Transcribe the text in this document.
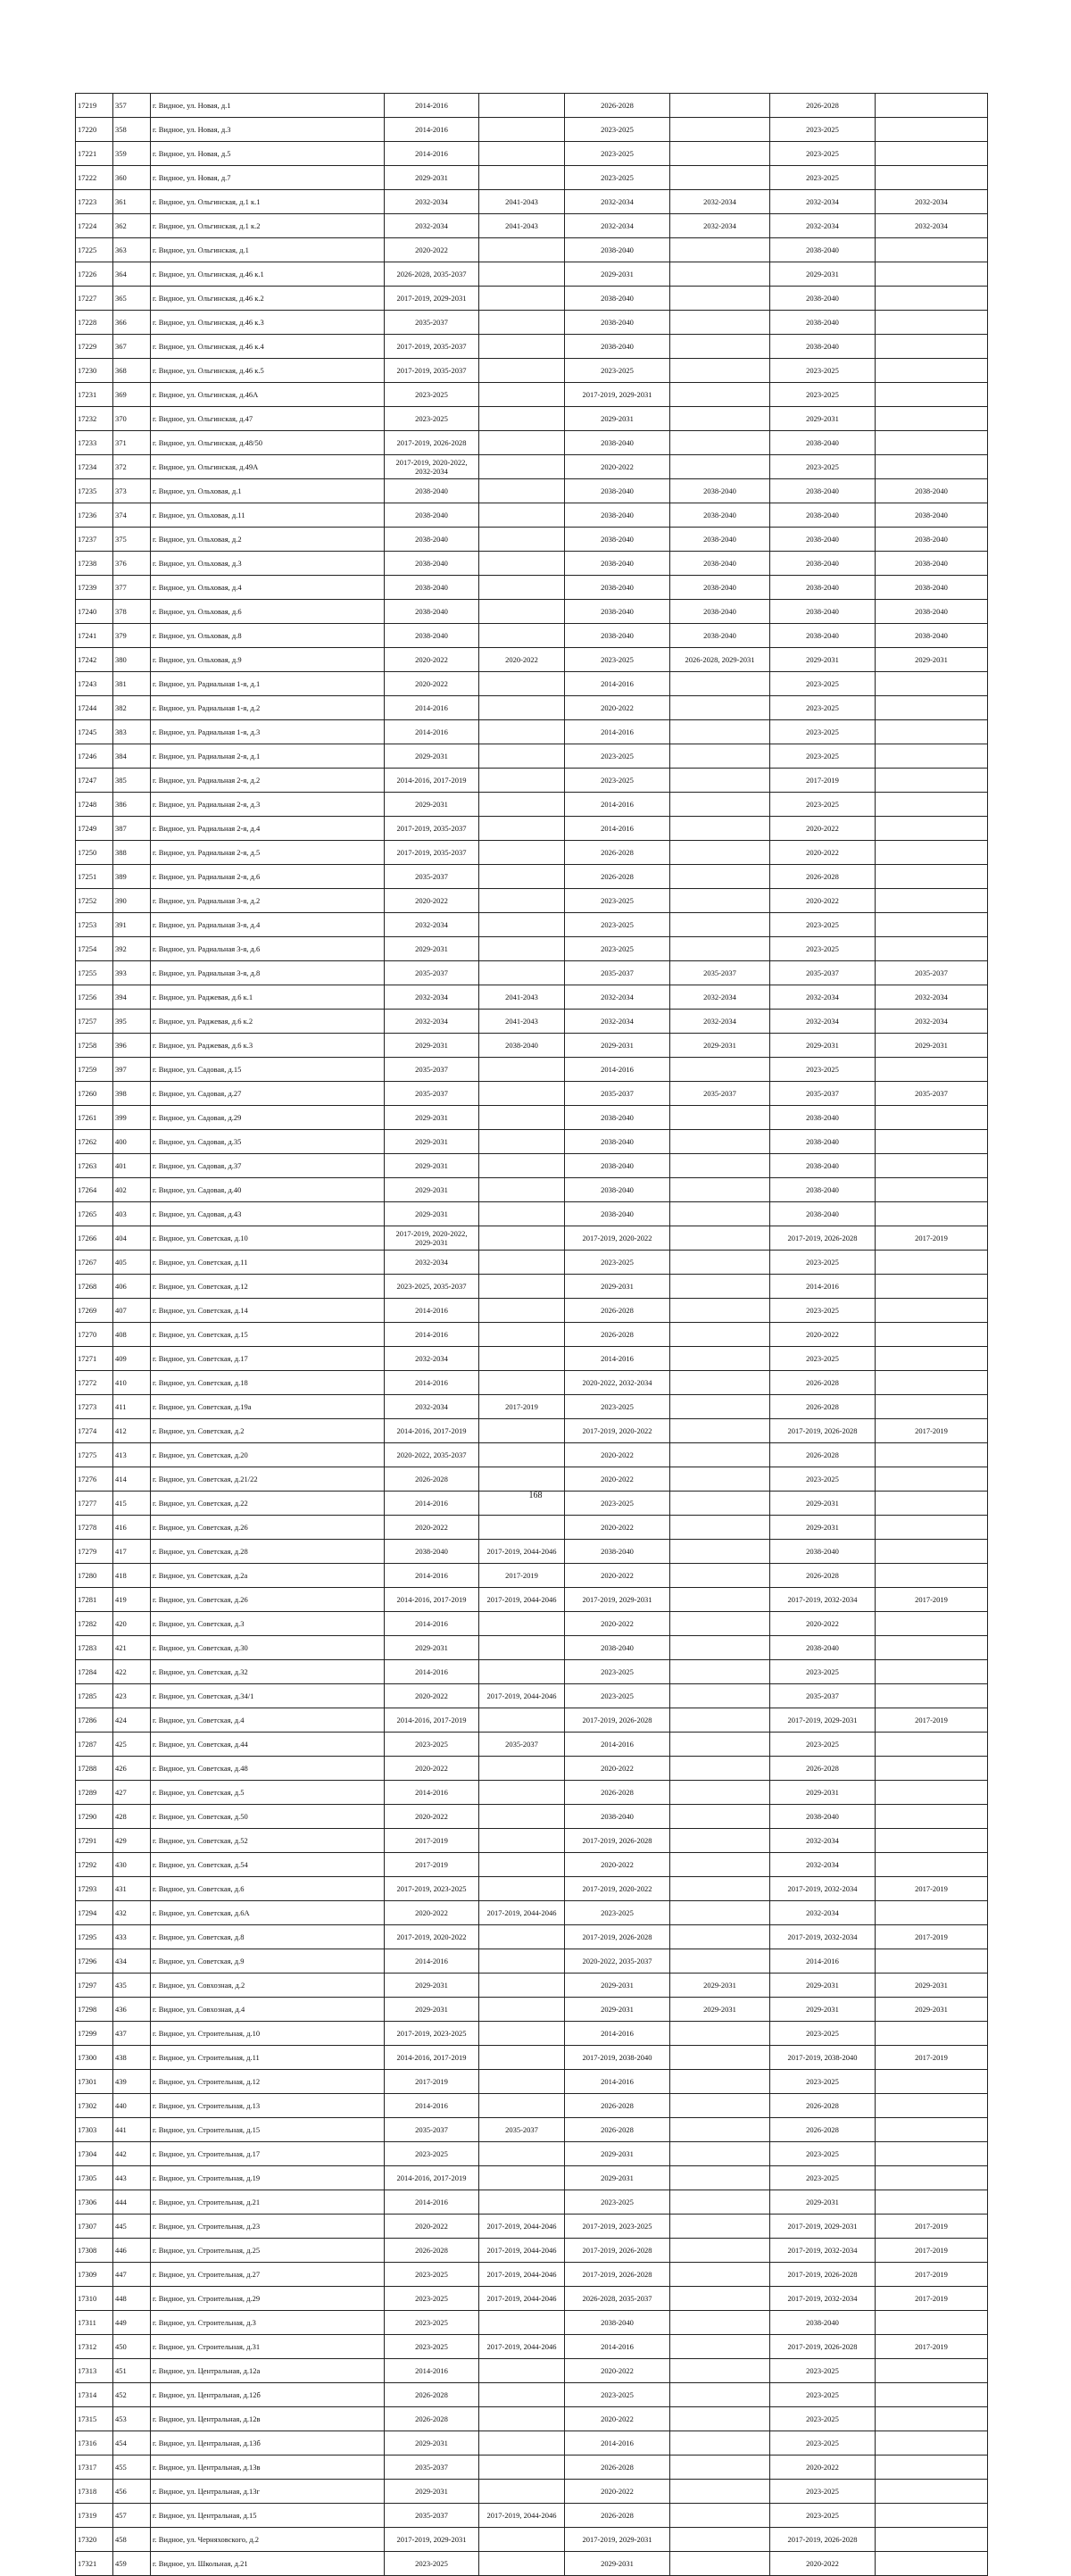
17219	357	г. Видное, ул. Новая, д.1	2014-2016		2026-2028		2026-2028	
17220	358	г. Видное, ул. Новая, д.3	2014-2016		2023-2025		2023-2025	
17221	359	г. Видное, ул. Новая, д.5	2014-2016		2023-2025		2023-2025	
17222	360	г. Видное, ул. Новая, д.7	2029-2031		2023-2025		2023-2025	
17223	361	г. Видное, ул. Ольгинская, д.1 к.1	2032-2034	2041-2043	2032-2034	2032-2034	2032-2034	2032-2034
17224	362	г. Видное, ул. Ольгинская, д.1 к.2	2032-2034	2041-2043	2032-2034	2032-2034	2032-2034	2032-2034
17225	363	г. Видное, ул. Ольгинская, д.1	2020-2022		2038-2040		2038-2040	
17226	364	г. Видное, ул. Ольгинская, д.46 к.1	2026-2028, 2035-2037		2029-2031		2029-2031	
17227	365	г. Видное, ул. Ольгинская, д.46 к.2	2017-2019, 2029-2031		2038-2040		2038-2040	
17228	366	г. Видное, ул. Ольгинская, д.46 к.3	2035-2037		2038-2040		2038-2040	
17229	367	г. Видное, ул. Ольгинская, д.46 к.4	2017-2019, 2035-2037		2038-2040		2038-2040	
17230	368	г. Видное, ул. Ольгинская, д.46 к.5	2017-2019, 2035-2037		2023-2025		2023-2025	
17231	369	г. Видное, ул. Ольгинская, д.46А	2023-2025		2017-2019, 2029-2031		2023-2025	
17232	370	г. Видное, ул. Ольгинская, д.47	2023-2025		2029-2031		2029-2031	
17233	371	г. Видное, ул. Ольгинская, д.48/50	2017-2019, 2026-2028		2038-2040		2038-2040	
17234	372	г. Видное, ул. Ольгинская, д.49А	2017-2019, 2020-2022, 2032-2034		2020-2022		2023-2025	
17235	373	г. Видное, ул. Ольховая, д.1	2038-2040		2038-2040	2038-2040	2038-2040	2038-2040
17236	374	г. Видное, ул. Ольховая, д.11	2038-2040		2038-2040	2038-2040	2038-2040	2038-2040
17237	375	г. Видное, ул. Ольховая, д.2	2038-2040		2038-2040	2038-2040	2038-2040	2038-2040
17238	376	г. Видное, ул. Ольховая, д.3	2038-2040		2038-2040	2038-2040	2038-2040	2038-2040
17239	377	г. Видное, ул. Ольховая, д.4	2038-2040		2038-2040	2038-2040	2038-2040	2038-2040
17240	378	г. Видное, ул. Ольховая, д.6	2038-2040		2038-2040	2038-2040	2038-2040	2038-2040
17241	379	г. Видное, ул. Ольховая, д.8	2038-2040		2038-2040	2038-2040	2038-2040	2038-2040
17242	380	г. Видное, ул. Ольховая, д.9	2020-2022	2020-2022	2023-2025	2026-2028, 2029-2031	2029-2031	2029-2031
17243	381	г. Видное, ул. Радиальная 1-я, д.1	2020-2022		2014-2016		2023-2025	
17244	382	г. Видное, ул. Радиальная 1-я, д.2	2014-2016		2020-2022		2023-2025	
17245	383	г. Видное, ул. Радиальная 1-я, д.3	2014-2016		2014-2016		2023-2025	
17246	384	г. Видное, ул. Радиальная 2-я, д.1	2029-2031		2023-2025		2023-2025	
17247	385	г. Видное, ул. Радиальная 2-я, д.2	2014-2016, 2017-2019		2023-2025		2017-2019	
17248	386	г. Видное, ул. Радиальная 2-я, д.3	2029-2031		2014-2016		2023-2025	
17249	387	г. Видное, ул. Радиальная 2-я, д.4	2017-2019, 2035-2037		2014-2016		2020-2022	
17250	388	г. Видное, ул. Радиальная 2-я, д.5	2017-2019, 2035-2037		2026-2028		2020-2022	
17251	389	г. Видное, ул. Радиальная 2-я, д.6	2035-2037		2026-2028		2026-2028	
17252	390	г. Видное, ул. Радиальная 3-я, д.2	2020-2022		2023-2025		2020-2022	
17253	391	г. Видное, ул. Радиальная 3-я, д.4	2032-2034		2023-2025		2023-2025	
17254	392	г. Видное, ул. Радиальная 3-я, д.6	2029-2031		2023-2025		2023-2025	
17255	393	г. Видное, ул. Радиальная 3-я, д.8	2035-2037		2035-2037	2035-2037	2035-2037	2035-2037
17256	394	г. Видное, ул. Раджевая, д.6 к.1	2032-2034	2041-2043	2032-2034	2032-2034	2032-2034	2032-2034
17257	395	г. Видное, ул. Раджевая, д.6 к.2	2032-2034	2041-2043	2032-2034	2032-2034	2032-2034	2032-2034
17258	396	г. Видное, ул. Раджевая, д.6 к.3	2029-2031	2038-2040	2029-2031	2029-2031	2029-2031	2029-2031
17259	397	г. Видное, ул. Садовая, д.15	2035-2037		2014-2016		2023-2025	
17260	398	г. Видное, ул. Садовая, д.27	2035-2037		2035-2037	2035-2037	2035-2037	2035-2037
17261	399	г. Видное, ул. Садовая, д.29	2029-2031		2038-2040		2038-2040	
17262	400	г. Видное, ул. Садовая, д.35	2029-2031		2038-2040		2038-2040	
17263	401	г. Видное, ул. Садовая, д.37	2029-2031		2038-2040		2038-2040	
17264	402	г. Видное, ул. Садовая, д.40	2029-2031		2038-2040		2038-2040	
17265	403	г. Видное, ул. Садовая, д.43	2029-2031		2038-2040		2038-2040	
17266	404	г. Видное, ул. Советская, д.10	2017-2019, 2020-2022, 2029-2031		2017-2019, 2020-2022		2017-2019, 2026-2028	2017-2019
17267	405	г. Видное, ул. Советская, д.11	2032-2034		2023-2025		2023-2025	
17268	406	г. Видное, ул. Советская, д.12	2023-2025, 2035-2037		2029-2031		2014-2016	
17269	407	г. Видное, ул. Советская, д.14	2014-2016		2026-2028		2023-2025	
17270	408	г. Видное, ул. Советская, д.15	2014-2016		2026-2028		2020-2022	
17271	409	г. Видное, ул. Советская, д.17	2032-2034		2014-2016		2023-2025	
17272	410	г. Видное, ул. Советская, д.18	2014-2016		2020-2022, 2032-2034		2026-2028	
17273	411	г. Видное, ул. Советская, д.19а	2032-2034	2017-2019	2023-2025		2026-2028	
17274	412	г. Видное, ул. Советская, д.2	2014-2016, 2017-2019		2017-2019, 2020-2022		2017-2019, 2026-2028	2017-2019
17275	413	г. Видное, ул. Советская, д.20	2020-2022, 2035-2037		2020-2022		2026-2028	
17276	414	г. Видное, ул. Советская, д.21/22	2026-2028		2020-2022		2023-2025	
17277	415	г. Видное, ул. Советская, д.22	2014-2016		2023-2025		2029-2031	
17278	416	г. Видное, ул. Советская, д.26	2020-2022		2020-2022		2029-2031	
17279	417	г. Видное, ул. Советская, д.28	2038-2040	2017-2019, 2044-2046	2038-2040		2038-2040	
17280	418	г. Видное, ул. Советская, д.2а	2014-2016	2017-2019	2020-2022		2026-2028	
17281	419	г. Видное, ул. Советская, д.26	2014-2016, 2017-2019	2017-2019, 2044-2046	2017-2019, 2029-2031		2017-2019, 2032-2034	2017-2019
17282	420	г. Видное, ул. Советская, д.3	2014-2016		2020-2022		2020-2022	
17283	421	г. Видное, ул. Советская, д.30	2029-2031		2038-2040		2038-2040	
17284	422	г. Видное, ул. Советская, д.32	2014-2016		2023-2025		2023-2025	
17285	423	г. Видное, ул. Советская, д.34/1	2020-2022	2017-2019, 2044-2046	2023-2025		2035-2037	
17286	424	г. Видное, ул. Советская, д.4	2014-2016, 2017-2019		2017-2019, 2026-2028		2017-2019, 2029-2031	2017-2019
17287	425	г. Видное, ул. Советская, д.44	2023-2025	2035-2037	2014-2016		2023-2025	
17288	426	г. Видное, ул. Советская, д.48	2020-2022		2020-2022		2026-2028	
17289	427	г. Видное, ул. Советская, д.5	2014-2016		2026-2028		2029-2031	
17290	428	г. Видное, ул. Советская, д.50	2020-2022		2038-2040		2038-2040	
17291	429	г. Видное, ул. Советская, д.52	2017-2019		2017-2019, 2026-2028		2032-2034	
17292	430	г. Видное, ул. Советская, д.54	2017-2019		2020-2022		2032-2034	
17293	431	г. Видное, ул. Советская, д.6	2017-2019, 2023-2025		2017-2019, 2020-2022		2017-2019, 2032-2034	2017-2019
17294	432	г. Видное, ул. Советская, д.6А	2020-2022	2017-2019, 2044-2046	2023-2025		2032-2034	
17295	433	г. Видное, ул. Советская, д.8	2017-2019, 2020-2022		2017-2019, 2026-2028		2017-2019, 2032-2034	2017-2019
17296	434	г. Видное, ул. Советская, д.9	2014-2016		2020-2022, 2035-2037		2014-2016	
17297	435	г. Видное, ул. Совхозная, д.2	2029-2031		2029-2031	2029-2031	2029-2031	2029-2031
17298	436	г. Видное, ул. Совхозная, д.4	2029-2031		2029-2031	2029-2031	2029-2031	2029-2031
17299	437	г. Видное, ул. Строительная, д.10	2017-2019, 2023-2025		2014-2016		2023-2025	
17300	438	г. Видное, ул. Строительная, д.11	2014-2016, 2017-2019		2017-2019, 2038-2040		2017-2019, 2038-2040	2017-2019
17301	439	г. Видное, ул. Строительная, д.12	2017-2019		2014-2016		2023-2025	
17302	440	г. Видное, ул. Строительная, д.13	2014-2016		2026-2028		2026-2028	
17303	441	г. Видное, ул. Строительная, д.15	2035-2037	2035-2037	2026-2028		2026-2028	
17304	442	г. Видное, ул. Строительная, д.17	2023-2025		2029-2031		2023-2025	
17305	443	г. Видное, ул. Строительная, д.19	2014-2016, 2017-2019		2029-2031		2023-2025	
17306	444	г. Видное, ул. Строительная, д.21	2014-2016		2023-2025		2029-2031	
17307	445	г. Видное, ул. Строительная, д.23	2020-2022	2017-2019, 2044-2046	2017-2019, 2023-2025		2017-2019, 2029-2031	2017-2019
17308	446	г. Видное, ул. Строительная, д.25	2026-2028	2017-2019, 2044-2046	2017-2019, 2026-2028		2017-2019, 2032-2034	2017-2019
17309	447	г. Видное, ул. Строительная, д.27	2023-2025	2017-2019, 2044-2046	2017-2019, 2026-2028		2017-2019, 2026-2028	2017-2019
17310	448	г. Видное, ул. Строительная, д.29	2023-2025	2017-2019, 2044-2046	2026-2028, 2035-2037		2017-2019, 2032-2034	2017-2019
17311	449	г. Видное, ул. Строительная, д.3	2023-2025		2038-2040		2038-2040	
17312	450	г. Видное, ул. Строительная, д.31	2023-2025	2017-2019, 2044-2046	2014-2016		2017-2019, 2026-2028	2017-2019
17313	451	г. Видное, ул. Центральная, д.12а	2014-2016		2020-2022		2023-2025	
17314	452	г. Видное, ул. Центральная, д.12б	2026-2028		2023-2025		2023-2025	
17315	453	г. Видное, ул. Центральная, д.12в	2026-2028		2020-2022		2023-2025	
17316	454	г. Видное, ул. Центральная, д.13б	2029-2031		2014-2016		2023-2025	
17317	455	г. Видное, ул. Центральная, д.13в	2035-2037		2026-2028		2020-2022	
17318	456	г. Видное, ул. Центральная, д.13г	2029-2031		2020-2022		2023-2025	
17319	457	г. Видное, ул. Центральная, д.15	2035-2037	2017-2019, 2044-2046	2026-2028		2023-2025	
17320	458	г. Видное, ул. Черняховского, д.2	2017-2019, 2029-2031		2017-2019, 2029-2031		2017-2019, 2026-2028	
17321	459	г. Видное, ул. Школьная, д.21	2023-2025		2029-2031		2020-2022	
168
